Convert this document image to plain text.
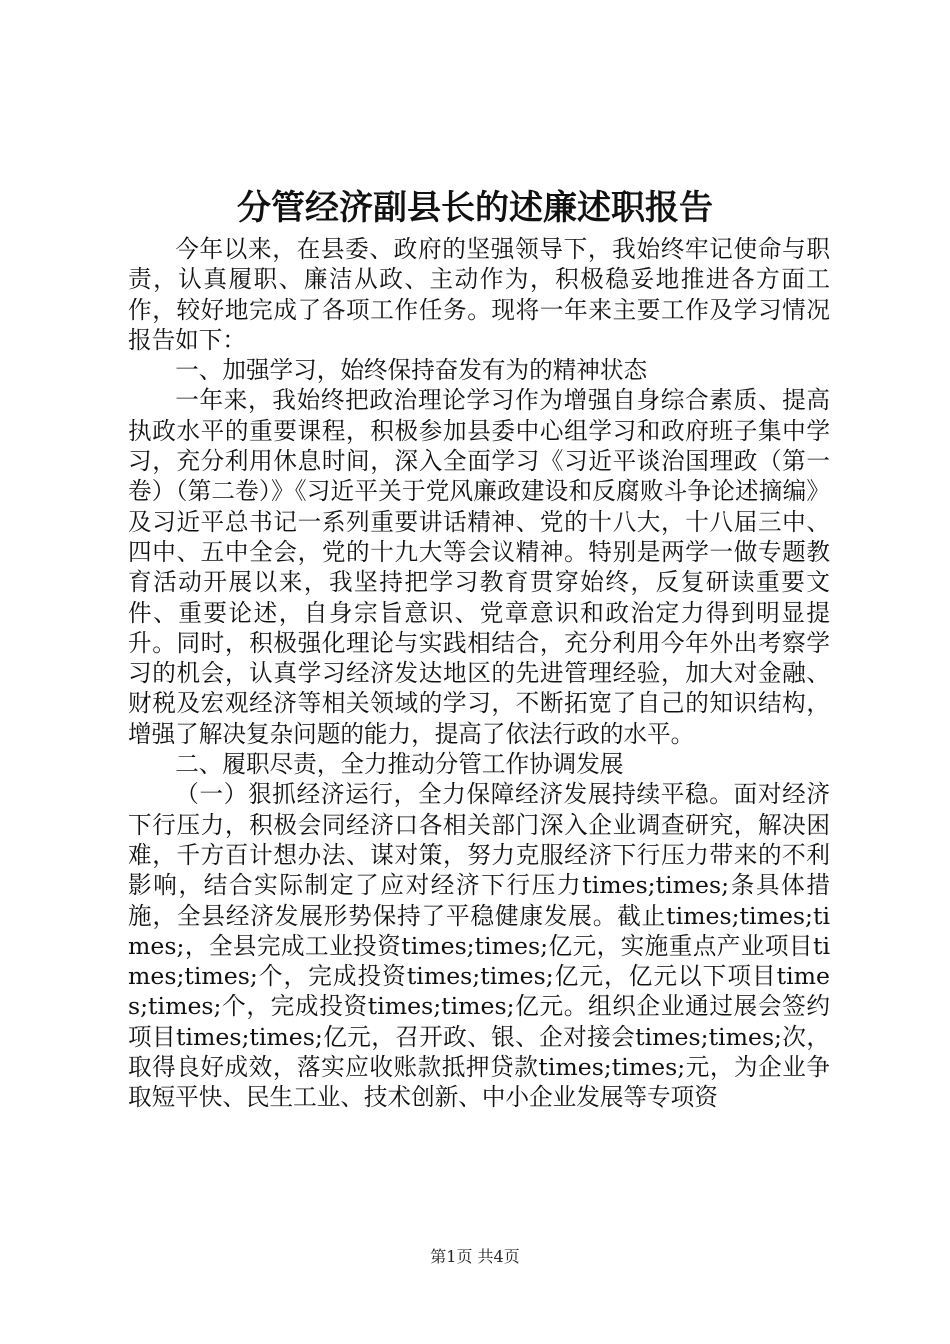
分管经济副县长的述廉述职报告

今年以来，在县委、政府的坚强领导下，我始终牢记使命与职责，认真履职、廉洁从政、主动作为，积极稳妥地推进各方面工作，较好地完成了各项工作任务。现将一年来主要工作及学习情况报告如下：

一、加强学习，始终保持奋发有为的精神状态

一年来，我始终把政治理论学习作为增强自身综合素质、提高执政水平的重要课程，积极参加县委中心组学习和政府班子集中学习，充分利用休息时间，深入全面学习《习近平谈治国理政（第一卷）（第二卷）》《习近平关于党风廉政建设和反腐败斗争论述摘编》及习近平总书记一系列重要讲话精神、党的十八大，十八届三中、四中、五中全会，党的十九大等会议精神。特别是两学一做专题教育活动开展以来，我坚持把学习教育贯穿始终，反复研读重要文件、重要论述，自身宗旨意识、党章意识和政治定力得到明显提升。同时，积极强化理论与实践相结合，充分利用今年外出考察学习的机会，认真学习经济发达地区的先进管理经验，加大对金融、财税及宏观经济等相关领域的学习，不断拓宽了自己的知识结构，增强了解决复杂问题的能力，提高了依法行政的水平。

二、履职尽责，全力推动分管工作协调发展

（一）狠抓经济运行，全力保障经济发展持续平稳。面对经济下行压力，积极会同经济口各相关部门深入企业调查研究，解决困难，千方百计想办法、谋对策，努力克服经济下行压力带来的不利影响，结合实际制定了应对经济下行压力times;times;条具体措施，全县经济发展形势保持了平稳健康发展。截止times;times;times;，全县完成工业投资times;times;亿元，实施重点产业项目times;times;个，完成投资times;times;亿元，亿元以下项目times;times;个，完成投资times;times;亿元。组织企业通过展会签约项目times;times;亿元，召开政、银、企对接会times;times;次，取得良好成效，落实应收账款抵押贷款times;times;元，为企业争取短平快、民生工业、技术创新、中小企业发展等专项资

第1页 共4页
